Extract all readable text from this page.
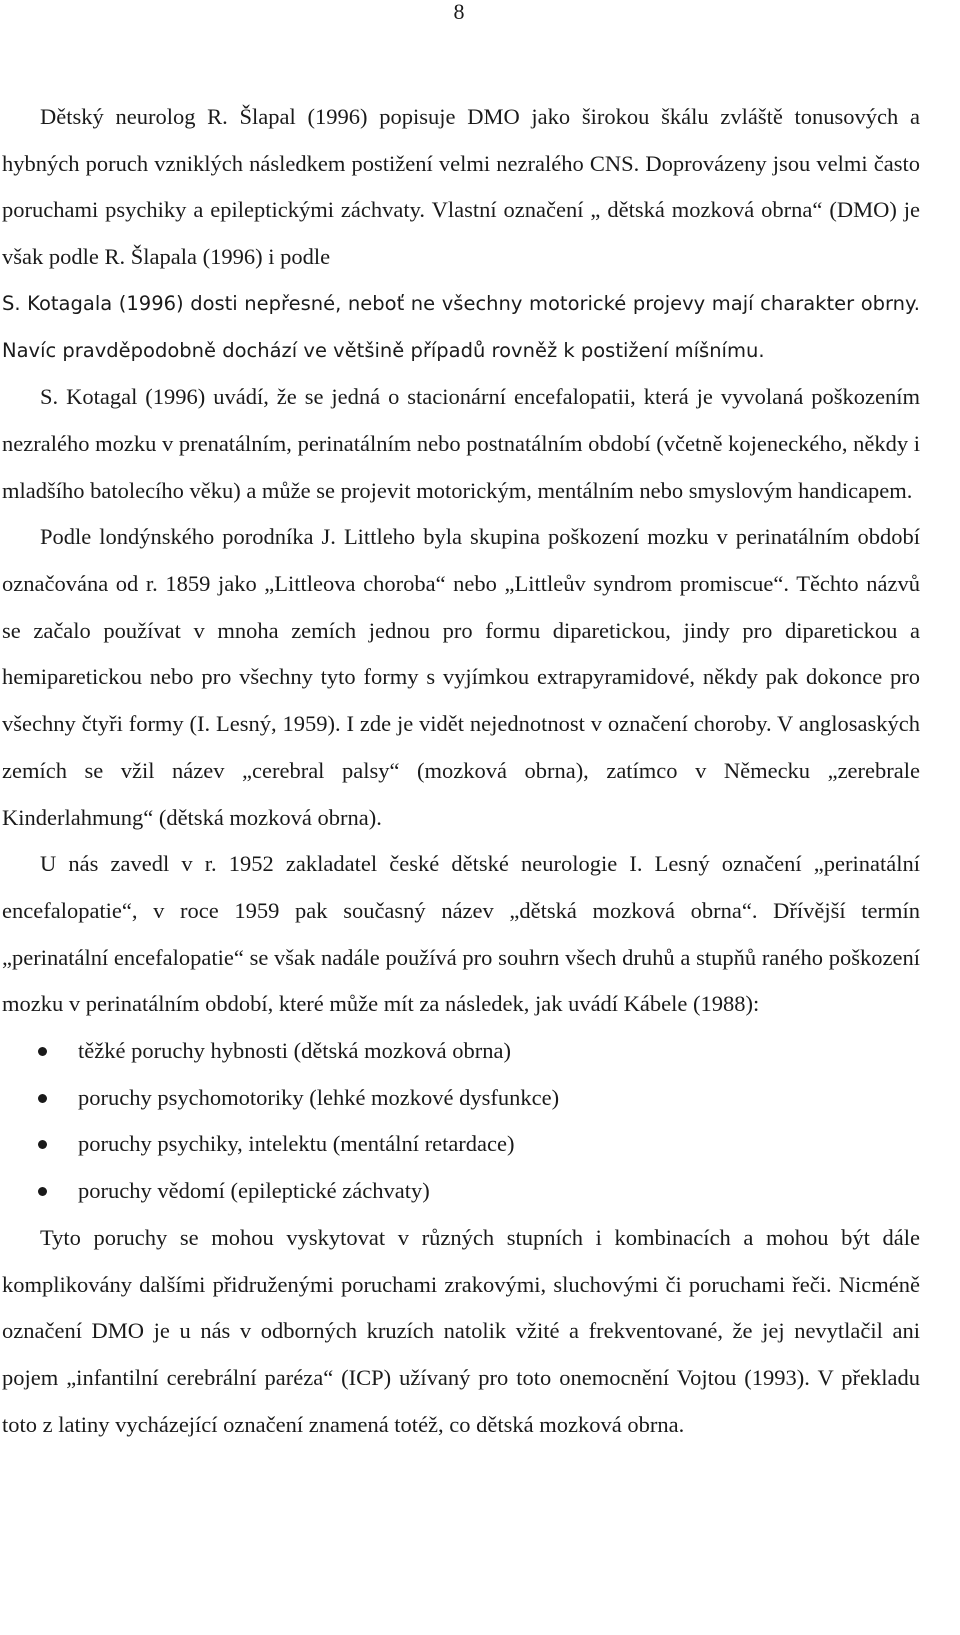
8

Dětský neurolog R. Šlapal (1996) popisuje DMO jako širokou škálu zvláště tonusových a hybných poruch vzniklých následkem postižení velmi nezralého CNS. Doprovázeny jsou velmi často poruchami psychiky a epileptickými záchvaty. Vlastní označení „ dětská mozková obrna“ (DMO) je však podle R. Šlapala (1996) i podle

S. Kotagala (1996) dosti nepřesné, neboť ne všechny motorické projevy mají charakter obrny. Navíc pravděpodobně dochází ve většině případů rovněž k postižení míšnímu.

S. Kotagal (1996) uvádí, že se jedná o stacionární encefalopatii, která je vyvolaná poškozením nezralého mozku v prenatálním, perinatálním nebo postnatálním období (včetně kojeneckého, někdy i mladšího batolecího věku) a může se projevit motorickým, mentálním nebo smyslovým handicapem.

Podle londýnského porodníka J. Littleho byla skupina poškození mozku v perinatálním období označována od r. 1859 jako „Littleova choroba“ nebo „Littleův syndrom promiscue“. Těchto názvů se začalo používat v mnoha zemích jednou pro formu diparetickou, jindy pro diparetickou a hemiparetickou nebo pro všechny tyto formy s vyjímkou extrapyramidové, někdy pak dokonce pro všechny čtyři formy (I. Lesný, 1959). I zde je vidět nejednotnost v označení choroby. V anglosaských zemích se vžil název „cerebral palsy“ (mozková obrna), zatímco v Německu „zerebrale Kinderlahmung“ (dětská mozková obrna).

U nás zavedl v r. 1952 zakladatel české dětské neurologie I. Lesný označení „perinatální encefalopatie“, v roce 1959 pak současný název „dětská mozková obrna“. Dřívější termín „perinatální encefalopatie“ se však nadále používá pro souhrn všech druhů a stupňů raného poškození mozku v perinatálním období, které může mít za následek, jak uvádí Kábele (1988):

těžké poruchy hybnosti (dětská mozková obrna)
poruchy psychomotoriky (lehké mozkové dysfunkce)
poruchy psychiky, intelektu (mentální retardace)
poruchy vědomí (epileptické záchvaty)

Tyto poruchy se mohou vyskytovat v různých stupních i kombinacích a mohou být dále komplikovány dalšími přidruženými poruchami zrakovými, sluchovými či poruchami řeči. Nicméně označení DMO je u nás v odborných kruzích natolik vžité a frekventované, že jej nevytlačil ani pojem „infantilní cerebrální paréza“ (ICP) užívaný pro toto onemocnění Vojtou (1993). V překladu toto z latiny vycházející označení znamená totéž, co dětská mozková obrna.
